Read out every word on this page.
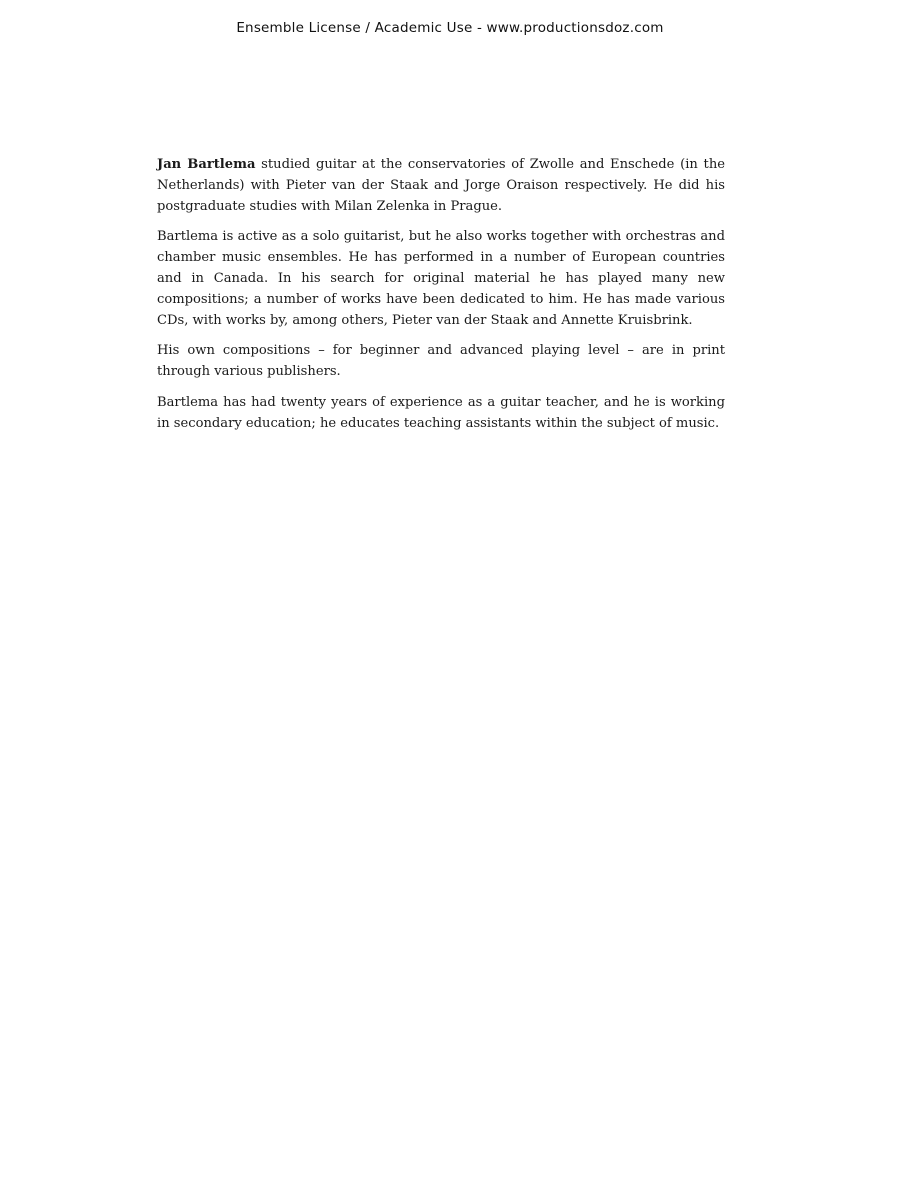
Ensemble License / Academic Use - www.productionsdoz.com

Jan Bartlema studied guitar at the conservatories of Zwolle and Enschede (in the Netherlands) with Pieter van der Staak and Jorge Oraison respectively. He did his postgraduate studies with Milan Zelenka in Prague.

Bartlema is active as a solo guitarist, but he also works together with orchestras and chamber music ensembles. He has performed in a number of European countries and in Canada. In his search for original material he has played many new compositions; a number of works have been dedicated to him. He has made various CDs, with works by, among others, Pieter van der Staak and Annette Kruisbrink.

His own compositions – for beginner and advanced playing level – are in print through various publishers.

Bartlema has had twenty years of experience as a guitar teacher, and he is working in secondary education; he educates teaching assistants within the subject of music.
